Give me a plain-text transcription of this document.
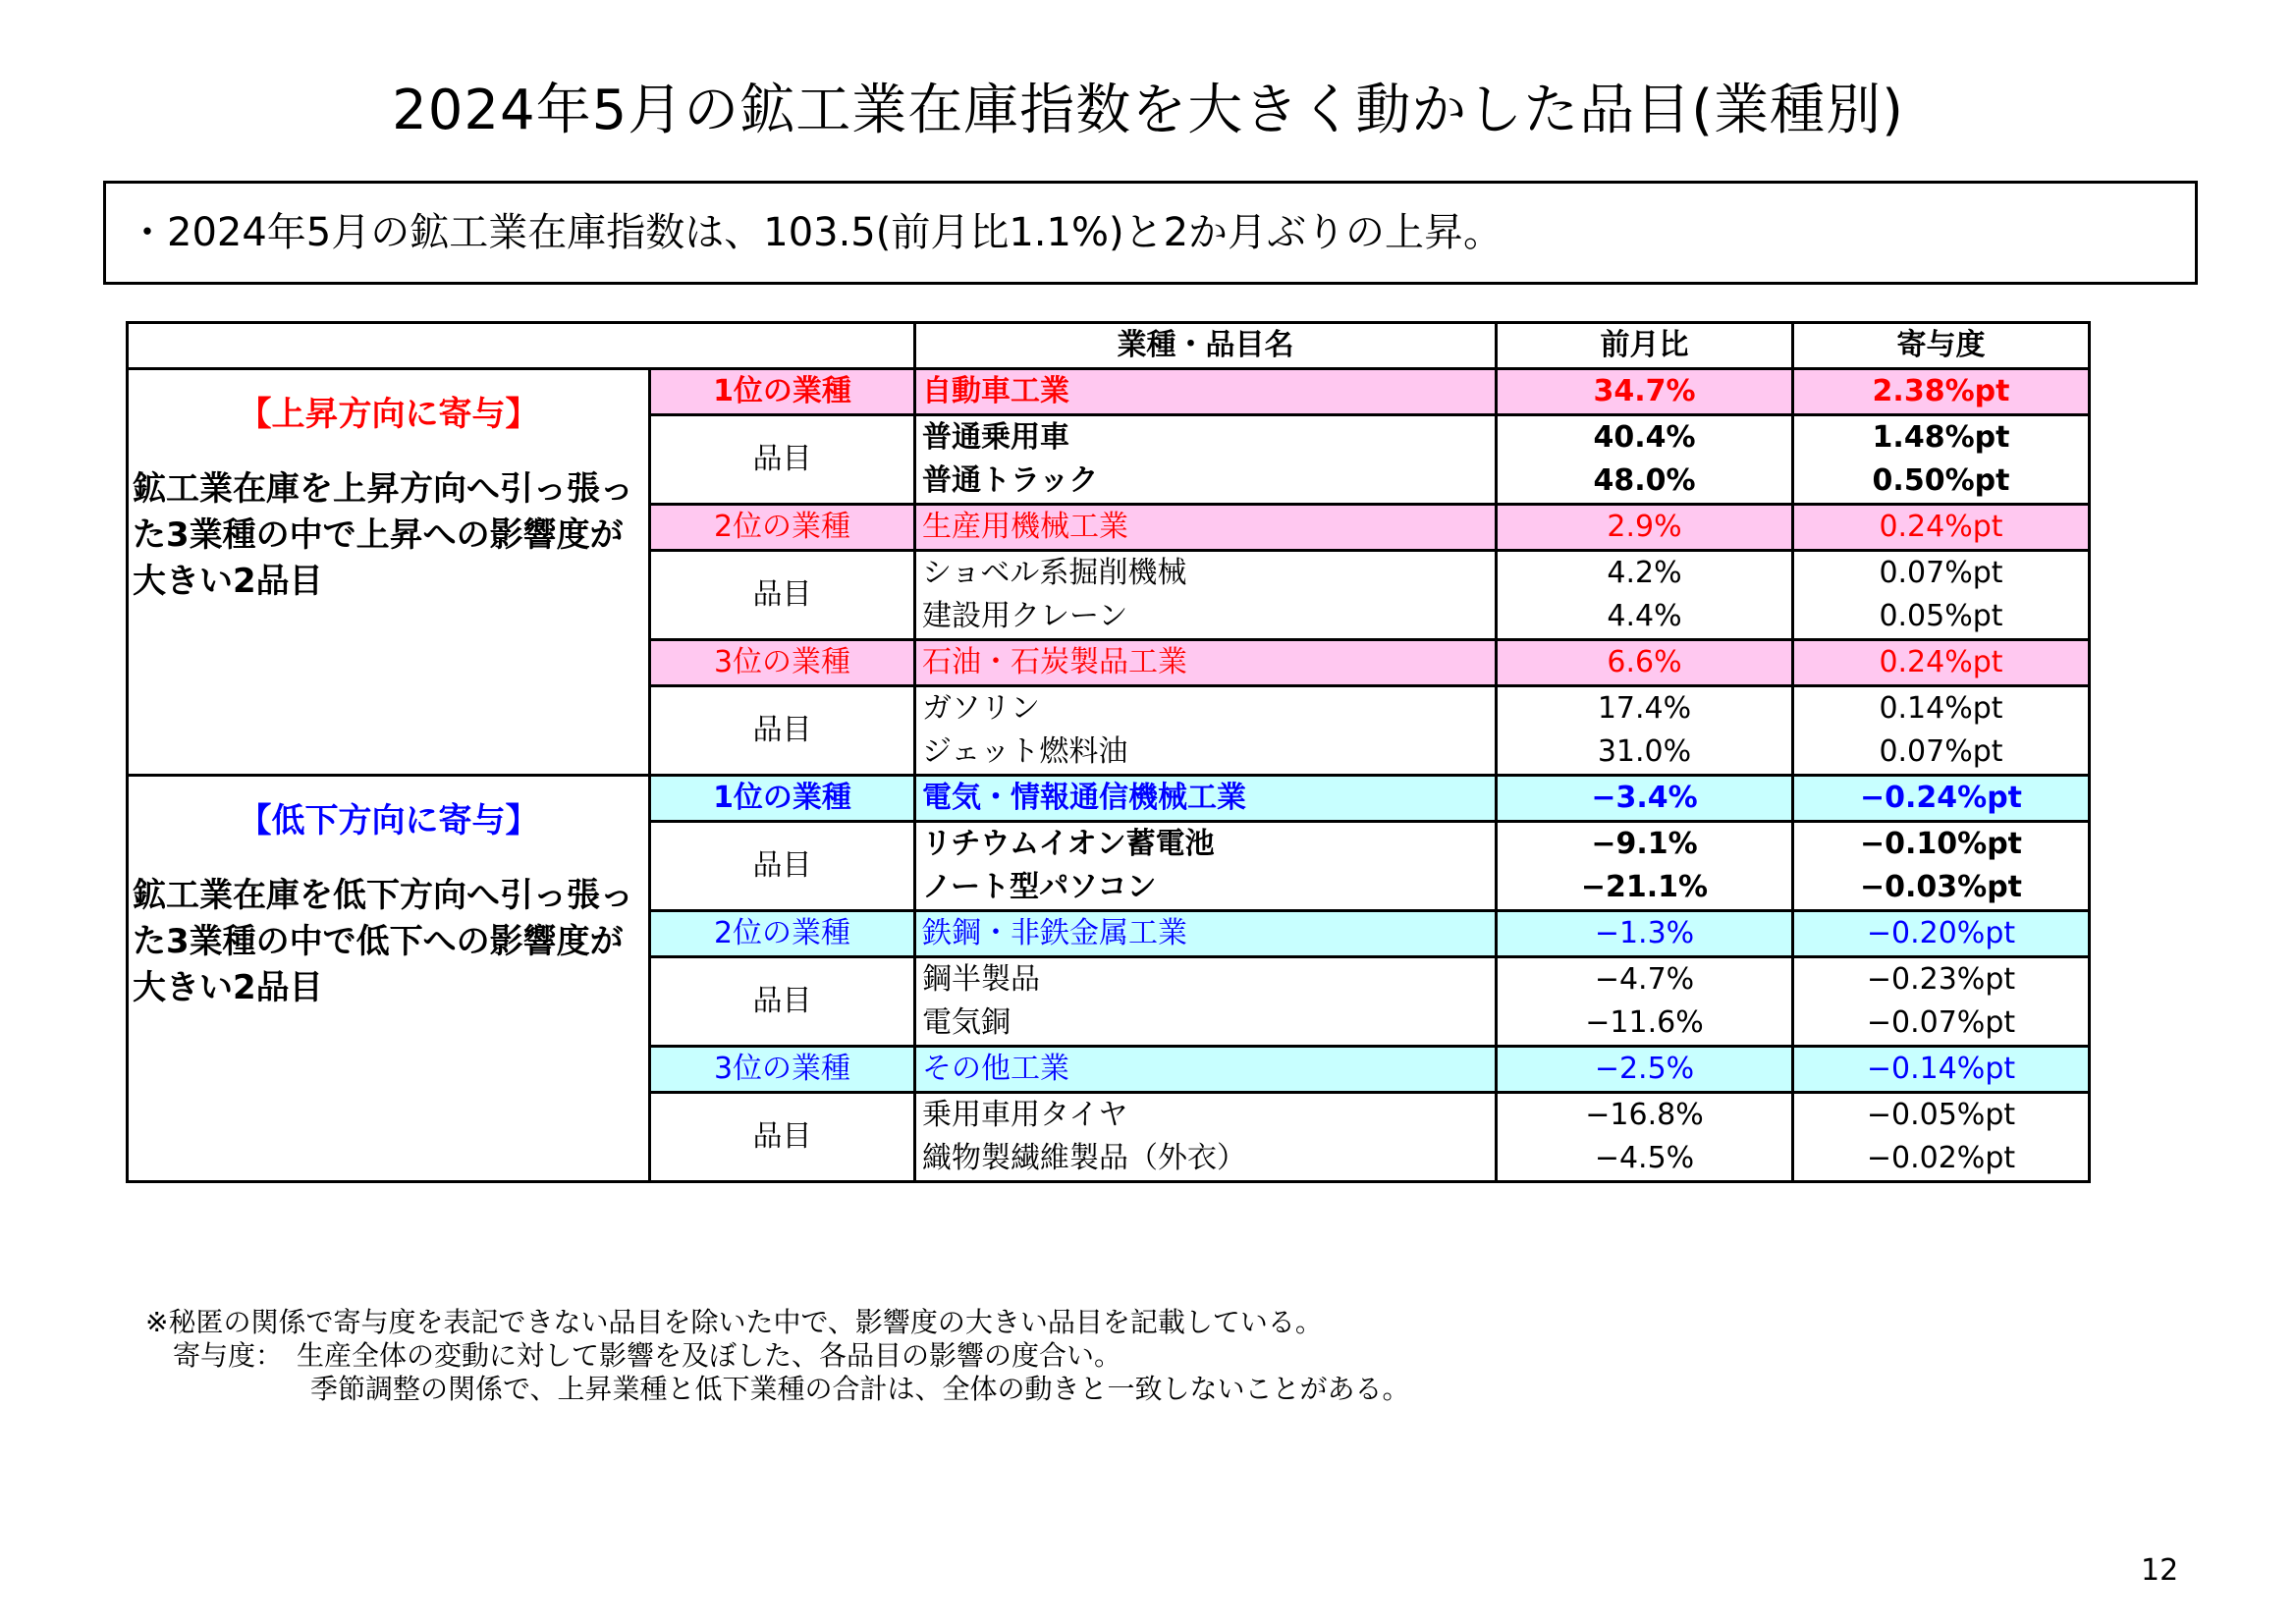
2024年5月の鉱工業在庫指数を大きく動かした品目(業種別)
・2024年5月の鉱工業在庫指数は、103.5(前月比1.1%)と2か月ぶりの上昇。
		業種・品目名	前月比	寄与度

【上昇方向に寄与】
鉱工業在庫を上昇方向へ引っ張った3業種の中で上昇への影響度が大きい2品目	1位の業種	自動車工業	34.7%	2.38%pt
	品目	普通乗用車	40.4%	1.48%pt
		普通トラック	48.0%	0.50%pt
	2位の業種	生産用機械工業	2.9%	0.24%pt
	品目	ショベル系掘削機械	4.2%	0.07%pt
		建設用クレーン	4.4%	0.05%pt
	3位の業種	石油・石炭製品工業	6.6%	0.24%pt
	品目	ガソリン	17.4%	0.14%pt
		ジェット燃料油	31.0%	0.07%pt

【低下方向に寄与】
鉱工業在庫を低下方向へ引っ張った3業種の中で低下への影響度が大きい2品目	1位の業種	電気・情報通信機械工業	−3.4%	−0.24%pt
	品目	リチウムイオン蓄電池	−9.1%	−0.10%pt
		ノート型パソコン	−21.1%	−0.03%pt
	2位の業種	鉄鋼・非鉄金属工業	−1.3%	−0.20%pt
	品目	鋼半製品	−4.7%	−0.23%pt
		電気銅	−11.6%	−0.07%pt
	3位の業種	その他工業	−2.5%	−0.14%pt
	品目	乗用車用タイヤ	−16.8%	−0.05%pt
		織物製繊維製品（外衣）	−4.5%	−0.02%pt
※秘匿の関係で寄与度を表記できない品目を除いた中で、影響度の大きい品目を記載している。
　寄与度：　生産全体の変動に対して影響を及ぼした、各品目の影響の度合い。
　　　　　　季節調整の関係で、上昇業種と低下業種の合計は、全体の動きと一致しないことがある。
12
